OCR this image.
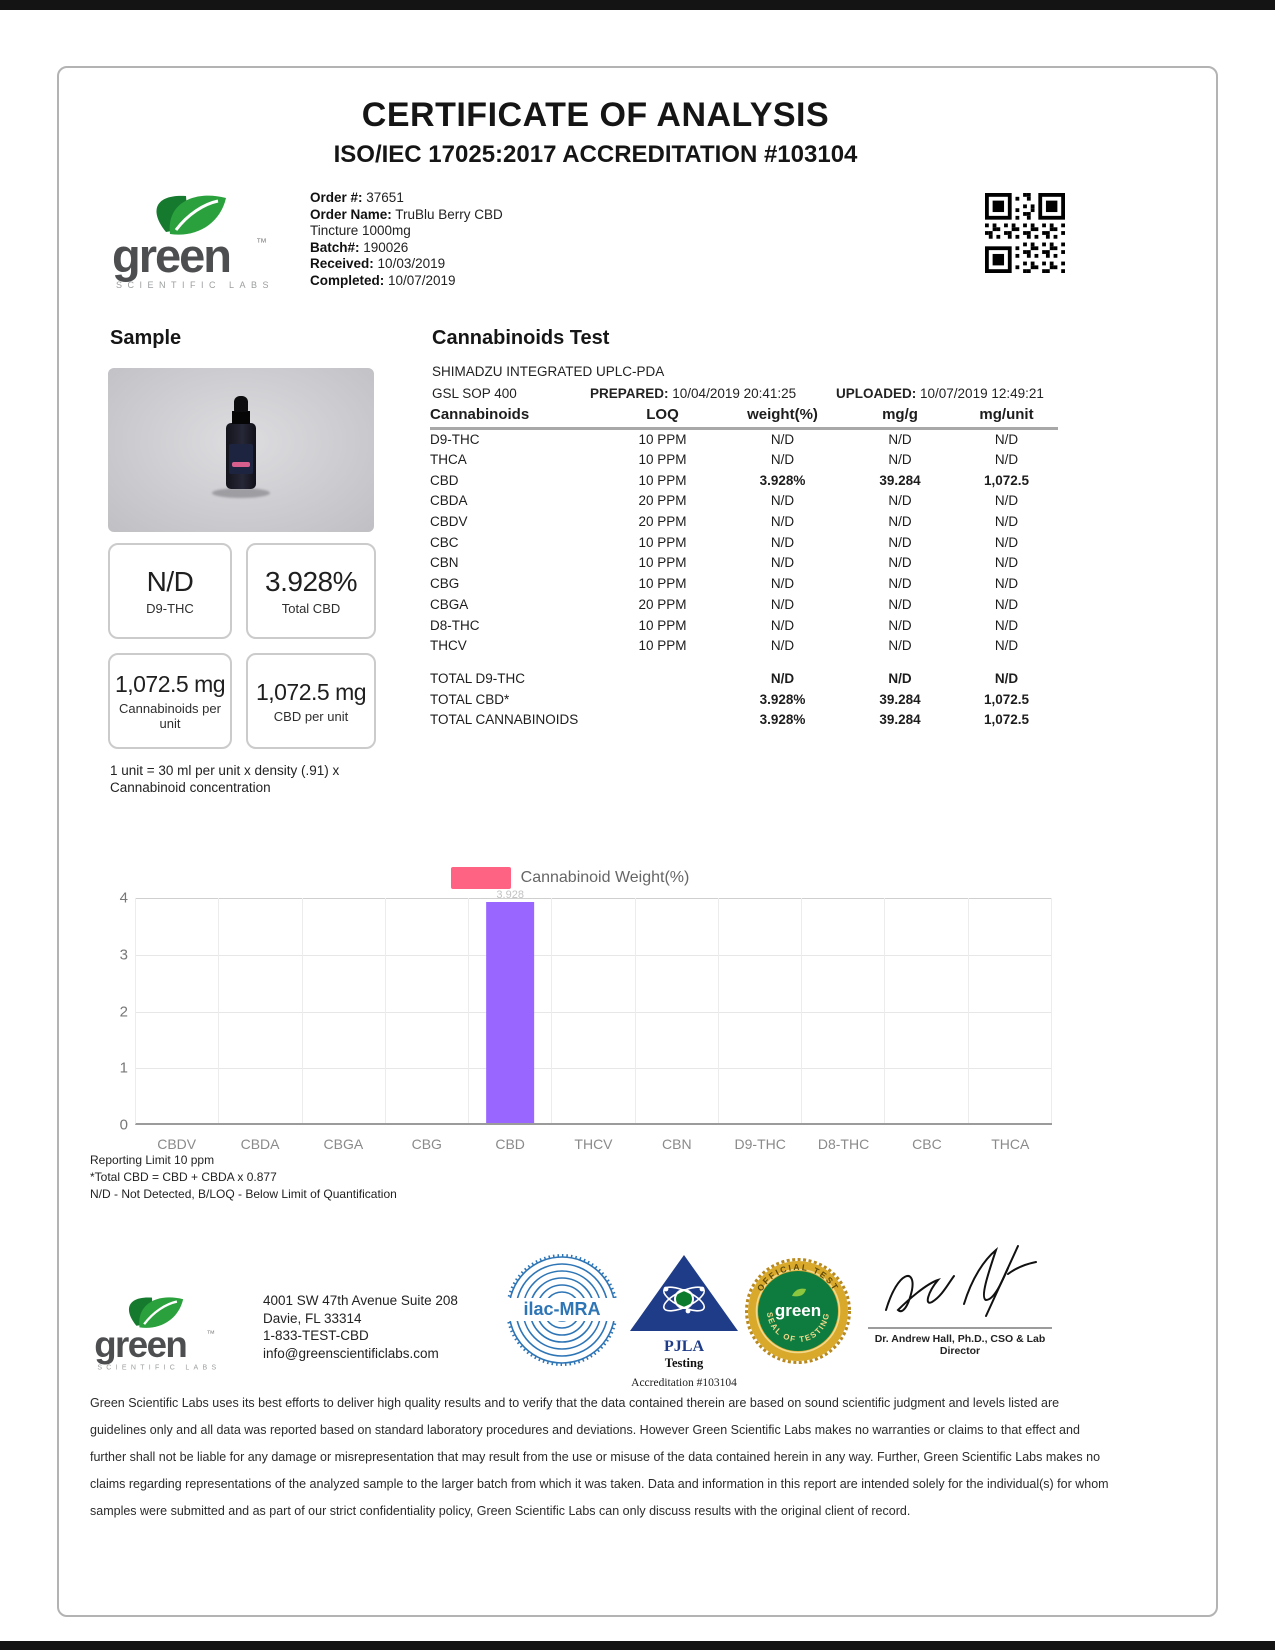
CERTIFICATE OF ANALYSIS
ISO/IEC 17025:2017 ACCREDITATION #103104
green ™
SCIENTIFIC LABS
Order #: 37651
Order Name: TruBlu Berry CBD Tincture 1000mg
Batch#: 190026
Received: 10/03/2019
Completed: 10/07/2019
Sample
N/D
D9-THC
3.928%
Total CBD
1,072.5 mg
Cannabinoids per unit
1,072.5 mg
CBD per unit
1 unit = 30 ml per unit x density (.91) x Cannabinoid concentration
Cannabinoids Test
SHIMADZU INTEGRATED UPLC-PDA
GSL SOP 400	PREPARED: 10/04/2019 20:41:25	UPLOADED: 10/07/2019 12:49:21
Cannabinoids	LOQ	weight(%)	mg/g	mg/unit
D9-THC	10 PPM	N/D	N/D	N/D
THCA	10 PPM	N/D	N/D	N/D
CBD	10 PPM	3.928%	39.284	1,072.5
CBDA	20 PPM	N/D	N/D	N/D
CBDV	20 PPM	N/D	N/D	N/D
CBC	10 PPM	N/D	N/D	N/D
CBN	10 PPM	N/D	N/D	N/D
CBG	10 PPM	N/D	N/D	N/D
CBGA	20 PPM	N/D	N/D	N/D
D8-THC	10 PPM	N/D	N/D	N/D
THCV	10 PPM	N/D	N/D	N/D

TOTAL D9-THC		N/D	N/D	N/D
TOTAL CBD*		3.928%	39.284	1,072.5
TOTAL CANNABINOIDS		3.928%	39.284	1,072.5
Cannabinoid Weight(%)
4
3
2
1
0
3.928
CBDV	CBDA	CBGA	CBG	CBD	THCV	CBN	D9-THC	D8-THC	CBC	THCA
Reporting Limit 10 ppm
*Total CBD = CBD + CBDA x 0.877
N/D - Not Detected, B/LOQ - Below Limit of Quantification
green ™
SCIENTIFIC LABS
4001 SW 47th Avenue Suite 208
Davie, FL 33314
1-833-TEST-CBD
info@greenscientificlabs.com
ilac-MRA
PJLA
Testing
Accreditation #103104
OFFICIAL TEST
SEAL OF TESTING
green
Dr. Andrew Hall, Ph.D., CSO & Lab Director
Green Scientific Labs uses its best efforts to deliver high quality results and to verify that the data contained therein are based on sound scientific judgment and levels listed are guidelines only and all data was reported based on standard laboratory procedures and deviations. However Green Scientific Labs makes no warranties or claims to that effect and further shall not be liable for any damage or misrepresentation that may result from the use or misuse of the data contained herein in any way. Further, Green Scientific Labs makes no claims regarding representations of the analyzed sample to the larger batch from which it was taken. Data and information in this report are intended solely for the individual(s) for whom samples were submitted and as part of our strict confidentiality policy, Green Scientific Labs can only discuss results with the original client of record.
